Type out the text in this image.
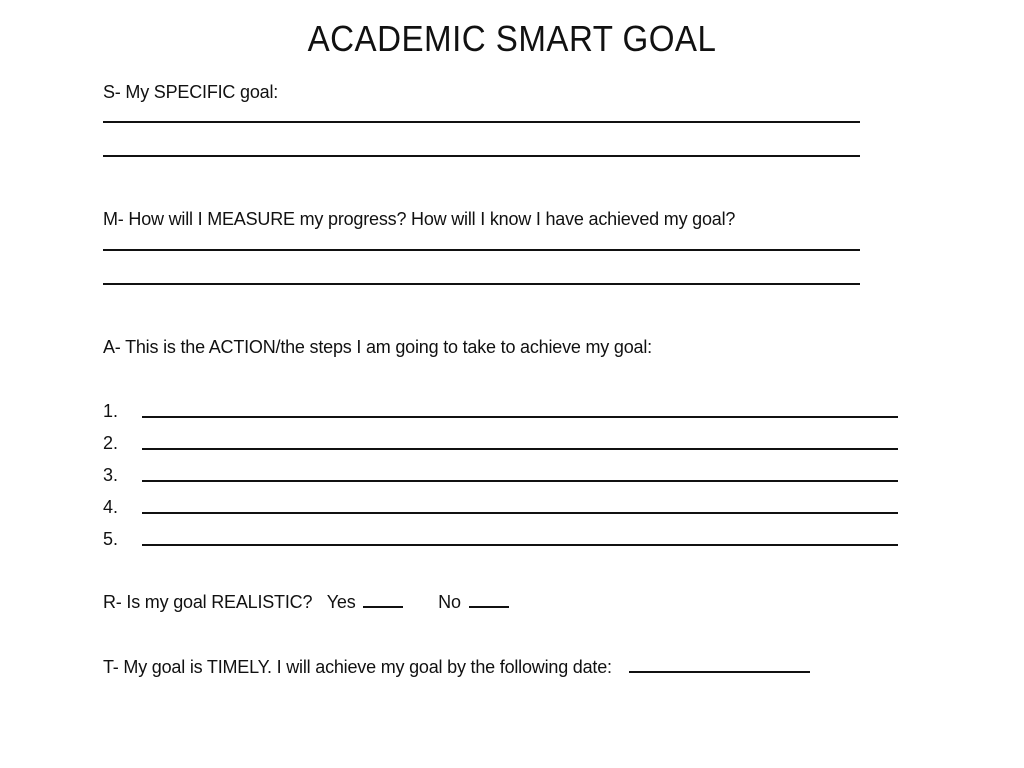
ACADEMIC SMART GOAL
S- My SPECIFIC goal:
M- How will I MEASURE my progress? How will I know I have achieved my goal?
A- This is the ACTION/the steps I am going to take to achieve my goal:
1.
2.
3.
4.
5.
R- Is my goal REALISTIC? Yes	No
T- My goal is TIMELY. I will achieve my goal by the following date:
